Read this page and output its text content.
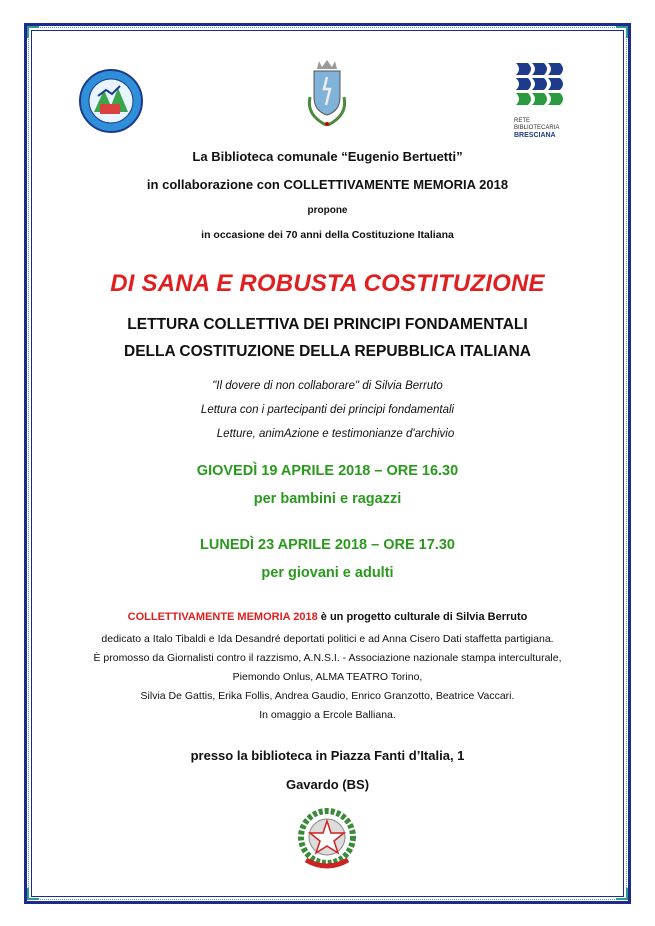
RETE BIBLIOTECARIA
BRESCIANA
La Biblioteca comunale “Eugenio Bertuetti”
in collaborazione con COLLETTIVAMENTE MEMORIA 2018
propone
in occasione dei 70 anni della Costituzione Italiana
DI SANA E ROBUSTA COSTITUZIONE
LETTURA COLLETTIVA DEI PRINCIPI FONDAMENTALI
DELLA COSTITUZIONE DELLA REPUBBLICA ITALIANA
"Il dovere di non collaborare" di Silvia Berruto
Lettura con i partecipanti dei principi fondamentali
Letture, animAzione e testimonianze d'archivio
GIOVEDÌ 19 APRILE 2018 – ORE 16.30
per bambini e ragazzi
LUNEDÌ 23 APRILE 2018 – ORE 17.30
per giovani e adulti
COLLETTIVAMENTE MEMORIA 2018 è un progetto culturale di Silvia Berruto
dedicato a Italo Tibaldi e Ida Desandré deportati politici e ad Anna Cisero Dati staffetta partigiana.
È promosso da Giornalisti contro il razzismo, A.N.S.I. - Associazione nazionale stampa interculturale,
Piemondo Onlus, ALMA TEATRO Torino,
Silvia De Gattis, Erika Follis, Andrea Gaudio, Enrico Granzotto, Beatrice Vaccari.
In omaggio a Ercole Balliana.
presso la biblioteca in Piazza Fanti d’Italia, 1
Gavardo (BS)
